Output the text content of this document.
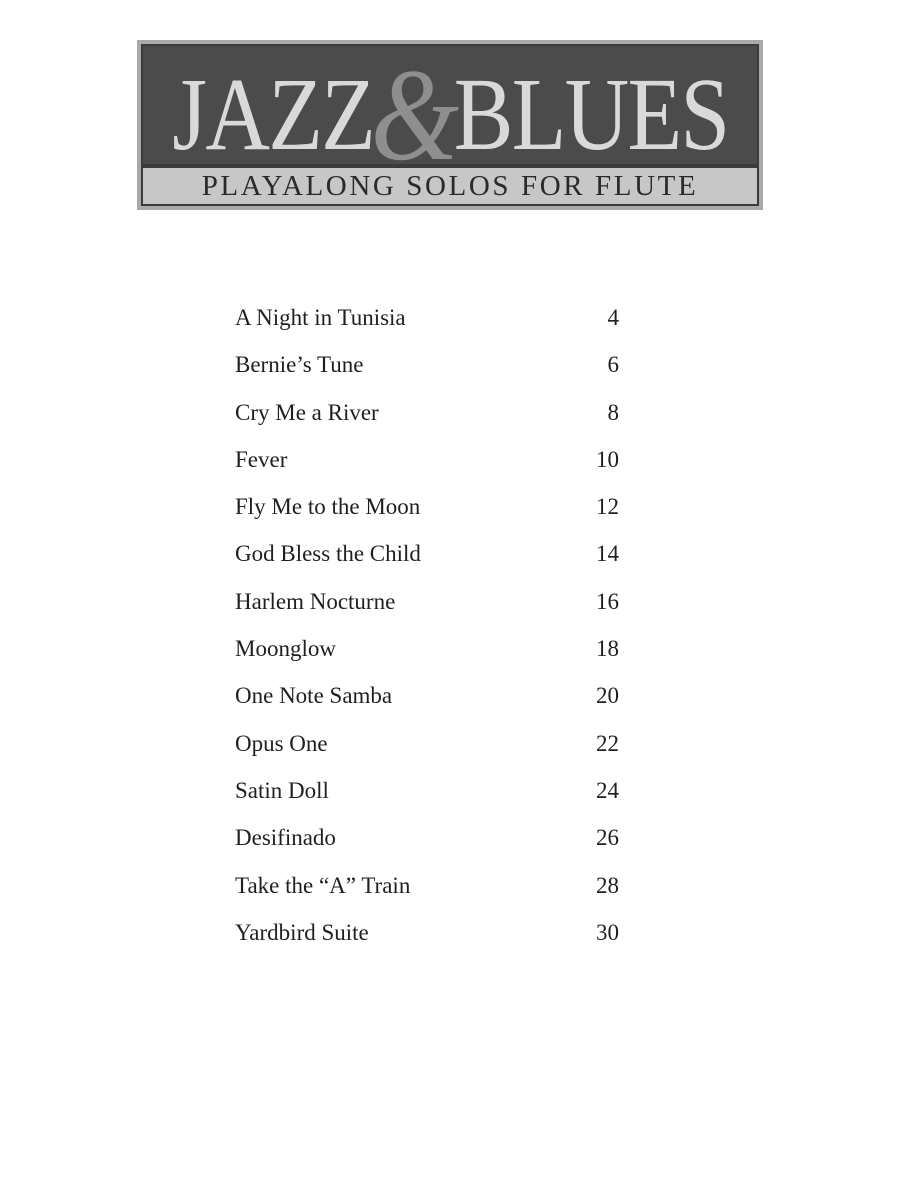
JAZZ
&
BLUES
PLAYALONG SOLOS FOR FLUTE
A Night in Tunisia	4
Bernie’s Tune	6
Cry Me a River	8
Fever	10
Fly Me to the Moon	12
God Bless the Child	14
Harlem Nocturne	16
Moonglow	18
One Note Samba	20
Opus One	22
Satin Doll	24
Desifinado	26
Take the “A” Train	28
Yardbird Suite	30
